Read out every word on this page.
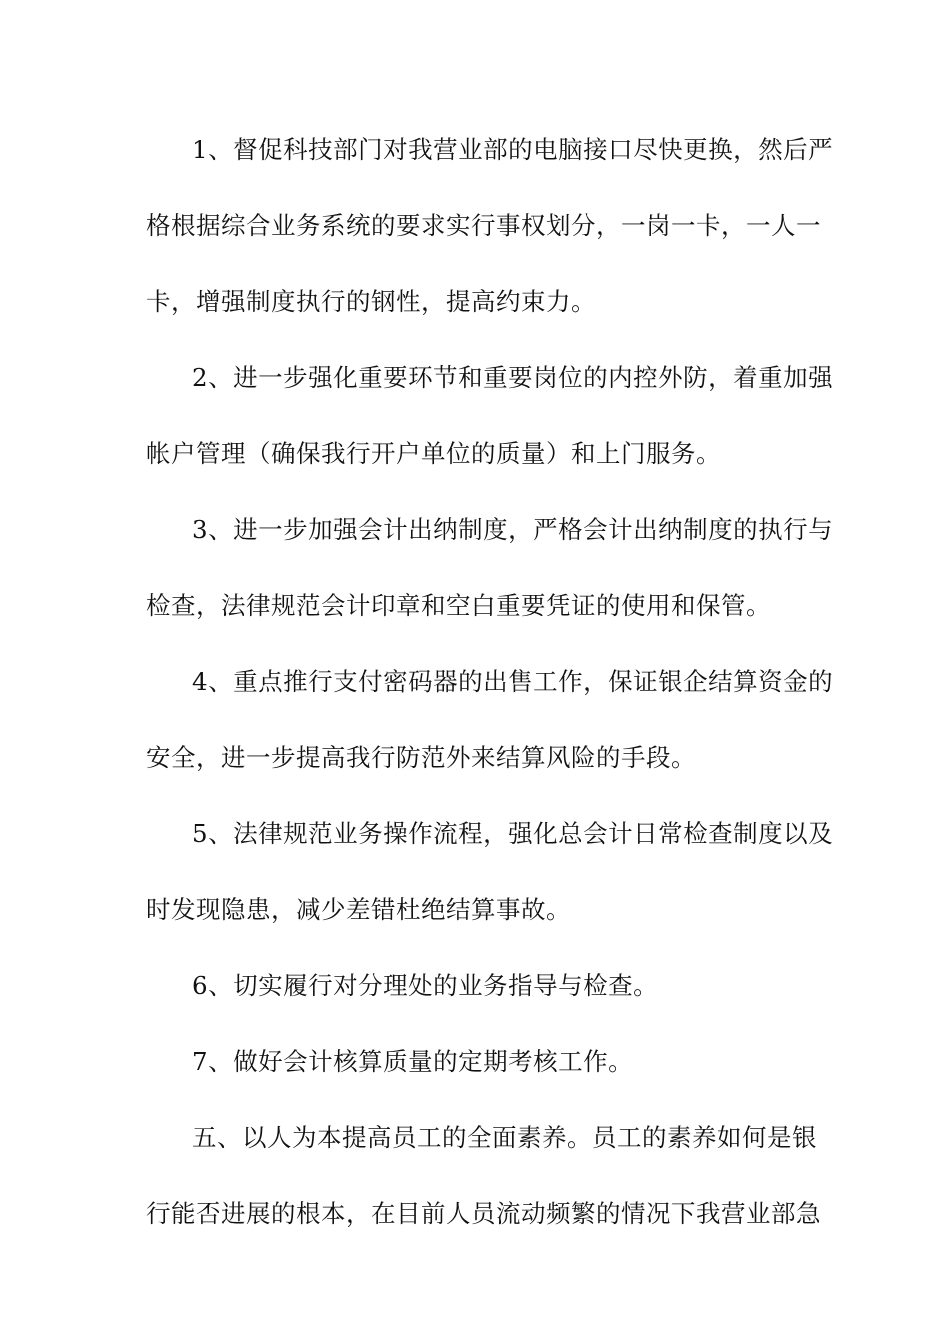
1、督促科技部门对我营业部的电脑接口尽快更换，然后严
格根据综合业务系统的要求实行事权划分，一岗一卡，一人一
卡，增强制度执行的钢性，提高约束力。
2、进一步强化重要环节和重要岗位的内控外防，着重加强
帐户管理（确保我行开户单位的质量）和上门服务。
3、进一步加强会计出纳制度，严格会计出纳制度的执行与
检查，法律规范会计印章和空白重要凭证的使用和保管。
4、重点推行支付密码器的出售工作，保证银企结算资金的
安全，进一步提高我行防范外来结算风险的手段。
5、法律规范业务操作流程，强化总会计日常检查制度以及
时发现隐患，减少差错杜绝结算事故。
6、切实履行对分理处的业务指导与检查。
7、做好会计核算质量的定期考核工作。
五、以人为本提高员工的全面素养。员工的素养如何是银
行能否进展的根本，在目前人员流动频繁的情况下我营业部急
